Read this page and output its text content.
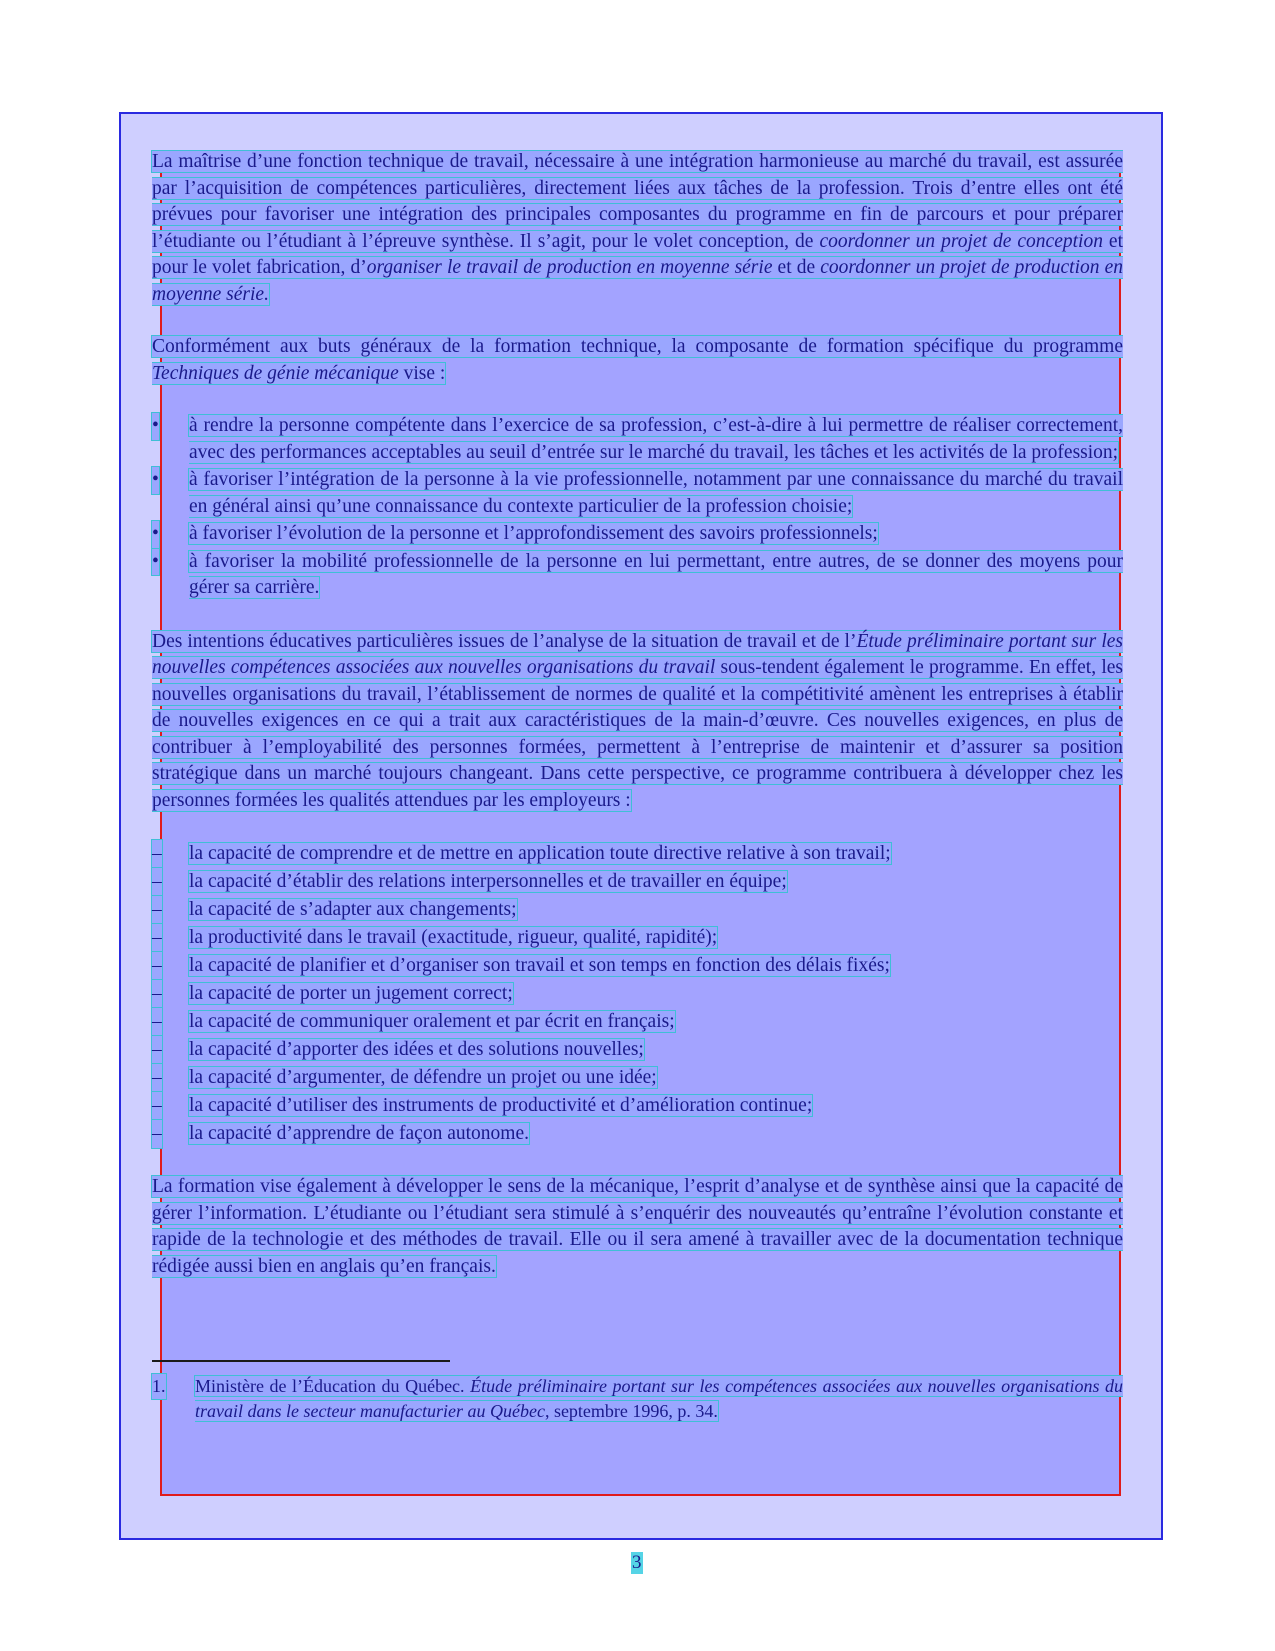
La maîtrise d’une fonction technique de travail, nécessaire à une intégration harmonieuse au marché du travail, est assurée par l’acquisition de compétences particulières, directement liées aux tâches de la profession. Trois d’entre elles ont été prévues pour favoriser une intégration des principales composantes du programme en fin de parcours et pour préparer l’étudiante ou l’étudiant à l’épreuve synthèse. Il s’agit, pour le volet conception, de coordonner un projet de conception et pour le volet fabrication, d’organiser le travail de production en moyenne série et de coordonner un projet de production en moyenne série.

Conformément aux buts généraux de la formation technique, la composante de formation spécifique du programme Techniques de génie mécanique vise :

• à rendre la personne compétente dans l’exercice de sa profession, c’est-à-dire à lui permettre de réaliser correctement, avec des performances acceptables au seuil d’entrée sur le marché du travail, les tâches et les activités de la profession;
• à favoriser l’intégration de la personne à la vie professionnelle, notamment par une connaissance du marché du travail en général ainsi qu’une connaissance du contexte particulier de la profession choisie;
• à favoriser l’évolution de la personne et l’approfondissement des savoirs professionnels;
• à favoriser la mobilité professionnelle de la personne en lui permettant, entre autres, de se donner des moyens pour gérer sa carrière.

Des intentions éducatives particulières issues de l’analyse de la situation de travail et de l’Étude préliminaire portant sur les nouvelles compétences associées aux nouvelles organisations du travail sous-tendent également le programme. En effet, les nouvelles organisations du travail, l’établissement de normes de qualité et la compétitivité amènent les entreprises à établir de nouvelles exigences en ce qui a trait aux caractéristiques de la main-d’œuvre. Ces nouvelles exigences, en plus de contribuer à l’employabilité des personnes formées, permettent à l’entreprise de maintenir et d’assurer sa position stratégique dans un marché toujours changeant. Dans cette perspective, ce programme contribuera à développer chez les personnes formées les qualités attendues par les employeurs :

– la capacité de comprendre et de mettre en application toute directive relative à son travail;
– la capacité d’établir des relations interpersonnelles et de travailler en équipe;
– la capacité de s’adapter aux changements;
– la productivité dans le travail (exactitude, rigueur, qualité, rapidité);
– la capacité de planifier et d’organiser son travail et son temps en fonction des délais fixés;
– la capacité de porter un jugement correct;
– la capacité de communiquer oralement et par écrit en français;
– la capacité d’apporter des idées et des solutions nouvelles;
– la capacité d’argumenter, de défendre un projet ou une idée;
– la capacité d’utiliser des instruments de productivité et d’amélioration continue;
– la capacité d’apprendre de façon autonome.

La formation vise également à développer le sens de la mécanique, l’esprit d’analyse et de synthèse ainsi que la capacité de gérer l’information. L’étudiante ou l’étudiant sera stimulé à s’enquérir des nouveautés qu’entraîne l’évolution constante et rapide de la technologie et des méthodes de travail. Elle ou il sera amené à travailler avec de la documentation technique rédigée aussi bien en anglais qu’en français.

1. Ministère de l’Éducation du Québec. Étude préliminaire portant sur les compétences associées aux nouvelles organisations du travail dans le secteur manufacturier au Québec, septembre 1996, p. 34.
3
